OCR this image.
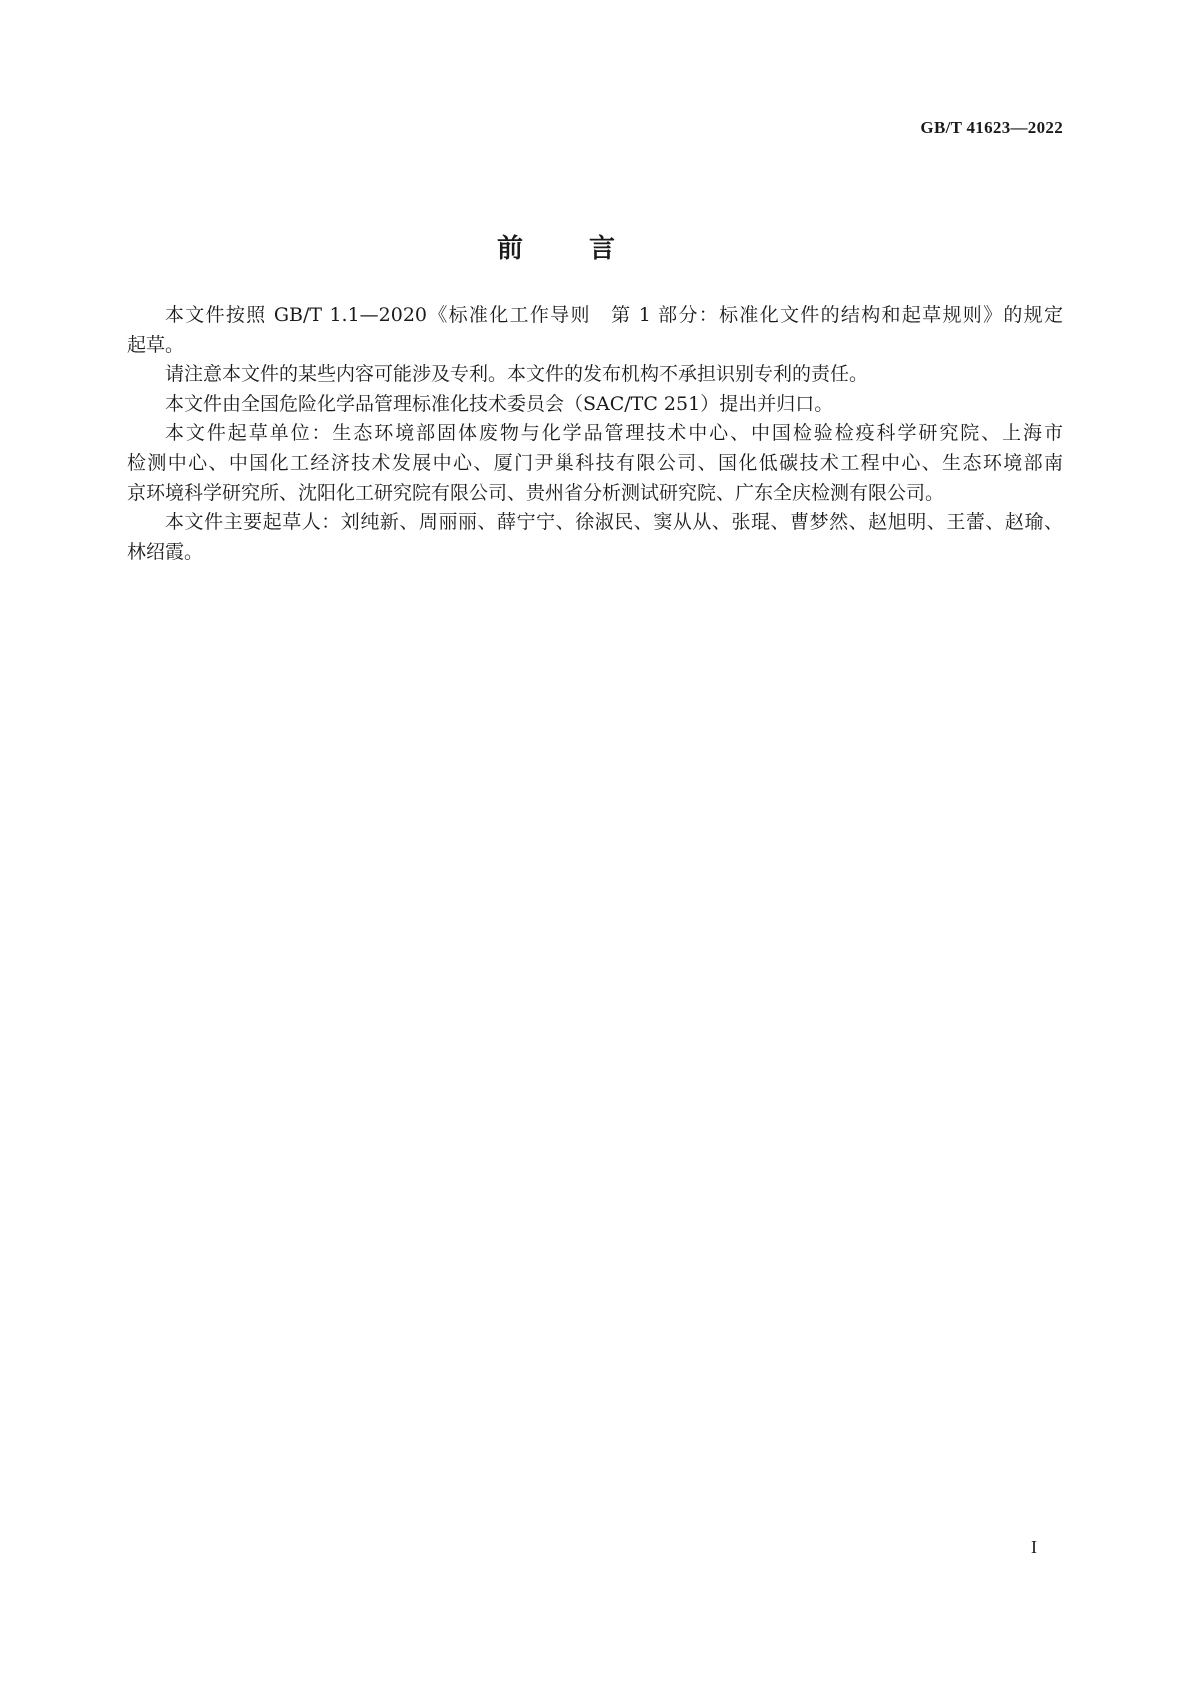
GB/T 41623—2022
前　言
本文件按照 GB/T 1.1—2020《标准化工作导则　第 1 部分：标准化文件的结构和起草规则》的规定
起草。
请注意本文件的某些内容可能涉及专利。本文件的发布机构不承担识别专利的责任。
本文件由全国危险化学品管理标准化技术委员会（SAC/TC 251）提出并归口。
本文件起草单位：生态环境部固体废物与化学品管理技术中心、中国检验检疫科学研究院、上海市
检测中心、中国化工经济技术发展中心、厦门尹巢科技有限公司、国化低碳技术工程中心、生态环境部南
京环境科学研究所、沈阳化工研究院有限公司、贵州省分析测试研究院、广东全庆检测有限公司。
本文件主要起草人：刘纯新、周丽丽、薛宁宁、徐淑民、窦从从、张琨、曹梦然、赵旭明、王蕾、赵瑜、
林绍霞。
I
